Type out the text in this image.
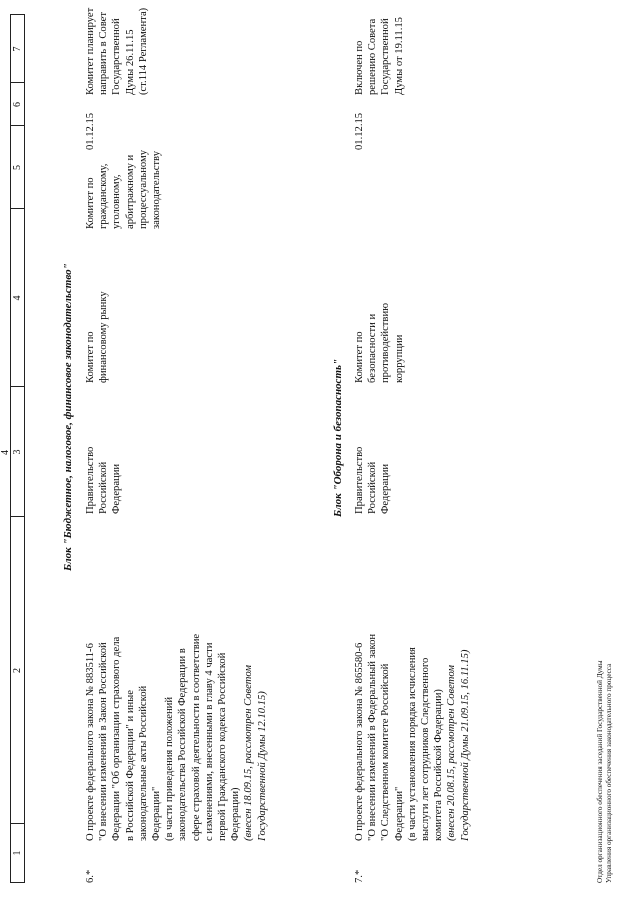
4
1
2
3
4
5
6
7
Блок "Бюджетное, налоговое, финансовое законодательство"
6.*
О проекте федерального закона № 883511-6 "О внесении изменений в Закон Российской Федерации "Об организации страхового дела в Российской Федерации" и иные законодательные акты Российской Федерации" (в части приведения положений законодательства Российской Федерации в сфере страховой деятельности в соответствие с изменениями, внесенными в главу 4 части первой Гражданского кодекса Российской Федерации) (внесен 18.09.15, рассмотрен Советом Государственной Думы 12.10.15)
Правительство Российской Федерации
Комитет по финансовому рынку
Комитет по гражданскому, уголовному, арбитражному и процессуальному законодательству
01.12.15
Комитет планирует направить в Совет Государственной Думы 26.11.15 (ст.114 Регламента)
Блок "Оборона и безопасность"
7.*
О проекте федерального закона № 865580-6 "О внесении изменений в Федеральный закон "О Следственном комитете Российской Федерации" (в части установления порядка исчисления выслуги лет сотрудников Следственного комитета Российской Федерации) (внесен 20.08.15, рассмотрен Советом Государственной Думы 21.09.15, 16.11.15)
Правительство Российской Федерации
Комитет по безопасности и противодействию коррупции
01.12.15
Включен по решению Совета Государственной Думы от 19.11.15
Отдел организационного обеспечения заседаний Государственной Думы Управления организационного обеспечения законодательного процесса
